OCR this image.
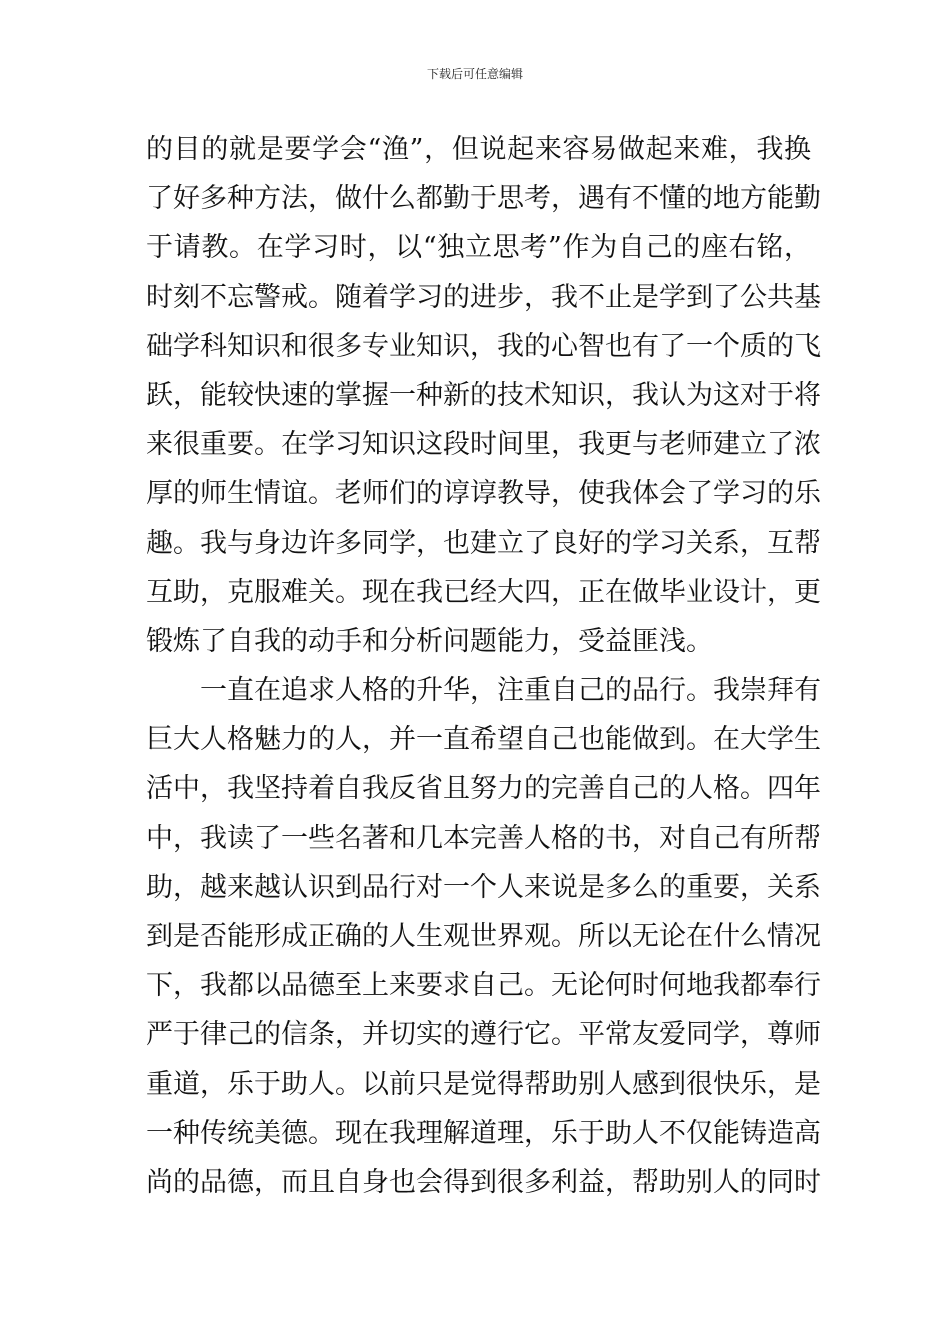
下载后可任意编辑
的目的就是要学会“渔”，但说起来容易做起来难，我换
了好多种方法，做什么都勤于思考，遇有不懂的地方能勤
于请教。在学习时，以“独立思考”作为自己的座右铭，
时刻不忘警戒。随着学习的进步，我不止是学到了公共基
础学科知识和很多专业知识，我的心智也有了一个质的飞
跃，能较快速的掌握一种新的技术知识，我认为这对于将
来很重要。在学习知识这段时间里，我更与老师建立了浓
厚的师生情谊。老师们的谆谆教导，使我体会了学习的乐
趣。我与身边许多同学，也建立了良好的学习关系，互帮
互助，克服难关。现在我已经大四，正在做毕业设计，更
锻炼了自我的动手和分析问题能力，受益匪浅。
　　一直在追求人格的升华，注重自己的品行。我崇拜有
巨大人格魅力的人，并一直希望自己也能做到。在大学生
活中，我坚持着自我反省且努力的完善自己的人格。四年
中，我读了一些名著和几本完善人格的书，对自己有所帮
助，越来越认识到品行对一个人来说是多么的重要，关系
到是否能形成正确的人生观世界观。所以无论在什么情况
下，我都以品德至上来要求自己。无论何时何地我都奉行
严于律己的信条，并切实的遵行它。平常友爱同学，尊师
重道，乐于助人。以前只是觉得帮助别人感到很快乐，是
一种传统美德。现在我理解道理，乐于助人不仅能铸造高
尚的品德，而且自身也会得到很多利益，帮助别人的同时
